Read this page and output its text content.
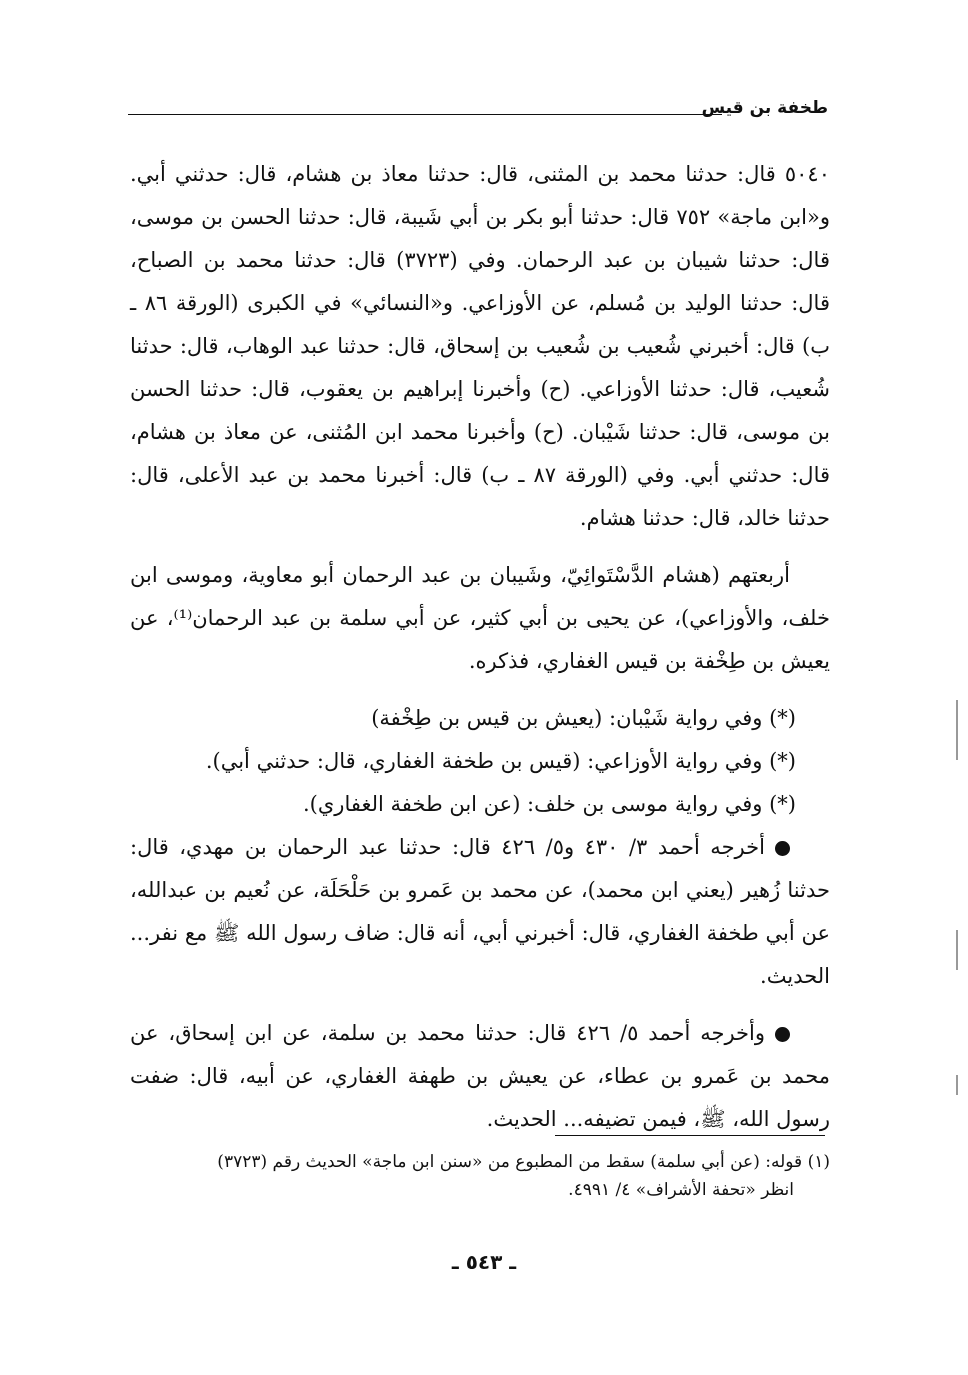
طخفة بن قيس

٥٠٤٠ قال: حدثنا محمد بن المثنى، قال: حدثنا معاذ بن هشام، قال: حدثني أبي. و«ابن ماجة» ٧٥٢ قال: حدثنا أبو بكر بن أبي شَيبة، قال: حدثنا الحسن بن موسى، قال: حدثنا شيبان بن عبد الرحمان. وفي (٣٧٢٣) قال: حدثنا محمد بن الصباح، قال: حدثنا الوليد بن مُسلم، عن الأوزاعي. و«النسائي» في الكبرى (الورقة ٨٦ ـ ب) قال: أخبرني شُعيب بن شُعيب بن إسحاق، قال: حدثنا عبد الوهاب، قال: حدثنا شُعيب، قال: حدثنا الأوزاعي. (ح) وأخبرنا إبراهيم بن يعقوب، قال: حدثنا الحسن بن موسى، قال: حدثنا شَيْبان. (ح) وأخبرنا محمد ابن المُثنى، عن معاذ بن هشام، قال: حدثني أبي. وفي (الورقة ٨٧ ـ ب) قال: أخبرنا محمد بن عبد الأعلى، قال: حدثنا خالد، قال: حدثنا هشام.

أربعتهم (هشام الدَّسْتَوائِيّ، وشَيبان بن عبد الرحمان أبو معاوية، وموسى ابن خلف، والأوزاعي)، عن يحيى بن أبي كثير، عن أبي سلمة بن عبد الرحمان⁽¹⁾، عن يعيش بن طِخْفة بن قيس الغفاري، فذكره.

(*) وفي رواية شَيْبان: (يعيش بن قيس بن طِخْفة)

(*) وفي رواية الأوزاعي: (قيس بن طخفة الغفاري، قال: حدثني أبي).

(*) وفي رواية موسى بن خلف: (عن ابن طخفة الغفاري).

أخرجه أحمد ٣/ ٤٣٠ و٥/ ٤٢٦ قال: حدثنا عبد الرحمان بن مهدي، قال: حدثنا زُهير (يعني ابن محمد)، عن محمد بن عَمرو بن حَلْحَلَة، عن نُعيم بن عبدالله، عن أبي طخفة الغفاري، قال: أخبرني أبي، أنه قال: ضاف رسول الله ﷺ مع نفر... الحديث.

وأخرجه أحمد ٥/ ٤٢٦ قال: حدثنا محمد بن سلمة، عن ابن إسحاق، عن محمد بن عَمرو بن عطاء، عن يعيش بن طهفة الغفاري، عن أبيه، قال: ضفت رسول الله، ﷺ، فيمن تضيفه... الحديث.

(١) قوله: (عن أبي سلمة) سقط من المطبوع من «سنن ابن ماجة» الحديث رقم (٣٧٢٣)

انظر «تحفة الأشراف» ٤/ ٤٩٩١.

ـ ٥٤٣ ـ
